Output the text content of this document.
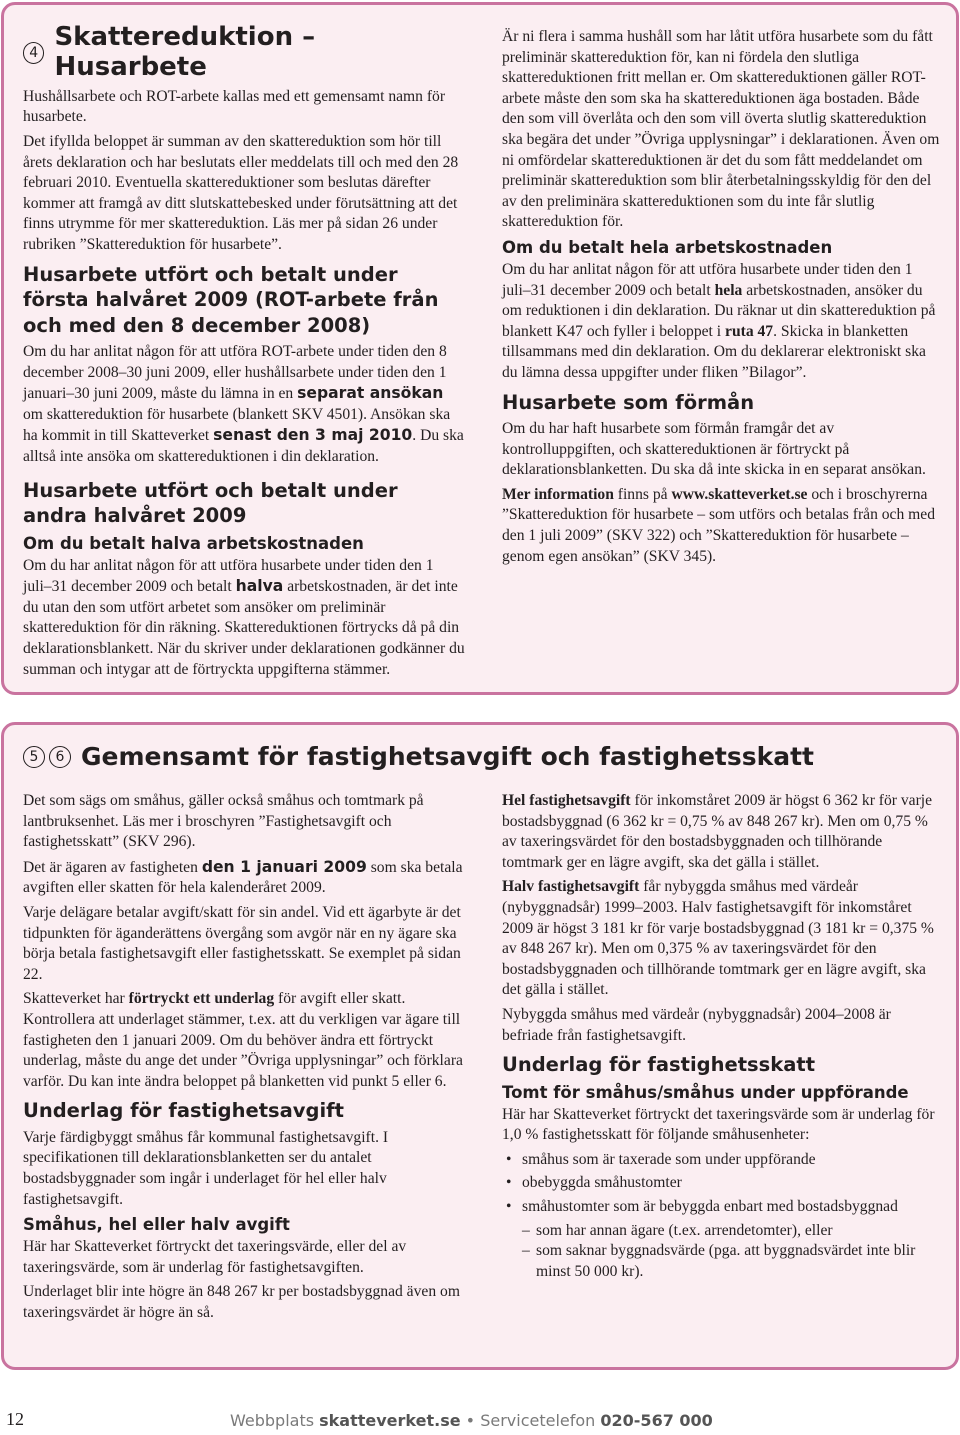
4
Skattereduktion – Husarbete

Hushållsarbete och ROT-arbete kallas med ett gemensamt namn för husarbete.

Det ifyllda beloppet är summan av den skattereduktion som hör till årets deklaration och har beslutats eller meddelats till och med den 28 februari 2010. Eventuella skattereduktioner som beslutas därefter kommer att framgå av ditt slutskattebesked under förutsättning att det finns utrymme för mer skattereduktion. Läs mer på sidan 26 under rubriken ”Skattereduktion för husarbete”.

Husarbete utfört och betalt under första halvåret 2009 (ROT-arbete från och med den 8 december 2008)

Om du har anlitat någon för att utföra ROT-arbete under tiden den 8 december 2008–30 juni 2009, eller hushållsarbete under tiden den 1 januari–30 juni 2009, måste du lämna in en separat ansökan om skattereduktion för husarbete (blankett SKV 4501). Ansökan ska ha kommit in till Skatteverket senast den 3 maj 2010. Du ska alltså inte ansöka om skattereduktionen i din deklaration.

Husarbete utfört och betalt under andra halvåret 2009
Om du betalt halva arbetskostnaden

Om du har anlitat någon för att utföra husarbete under tiden den 1 juli–31 december 2009 och betalt halva arbetskostnaden, är det inte du utan den som utfört arbetet som ansöker om preliminär skattereduktion för din räkning. Skattereduktionen förtrycks då på din deklarationsblankett. När du skriver under deklarationen godkänner du summan och intygar att de förtryckta uppgifterna stämmer.

Är ni flera i samma hushåll som har låtit utföra husarbete som du fått preliminär skattereduktion för, kan ni fördela den slutliga skattereduktionen fritt mellan er. Om skattereduktionen gäller ROT-arbete måste den som ska ha skattereduktionen äga bostaden. Både den som vill överlåta och den som vill överta slutlig skattereduktion ska begära det under ”Övriga upplysningar” i deklarationen. Även om ni omfördelar skattereduktionen är det du som fått meddelandet om preliminär skattereduktion som blir återbetalningsskyldig för den del av den preliminära skattereduktionen som du inte får slutlig skattereduktion för.

Om du betalt hela arbetskostnaden

Om du har anlitat någon för att utföra husarbete under tiden den 1 juli–31 december 2009 och betalt hela arbetskostnaden, ansöker du om reduktionen i din deklaration. Du räknar ut din skattereduktion på blankett K47 och fyller i beloppet i ruta 47. Skicka in blanketten tillsammans med din deklaration. Om du deklarerar elektroniskt ska du lämna dessa uppgifter under fliken ”Bilagor”.

Husarbete som förmån

Om du har haft husarbete som förmån framgår det av kontrolluppgiften, och skattereduktionen är förtryckt på deklarationsblanketten. Du ska då inte skicka in en separat ansökan.

Mer information finns på www.skatteverket.se och i broschyrerna ”Skattereduktion för husarbete – som utförs och betalas från och med den 1 juli 2009” (SKV 322) och ”Skattereduktion för husarbete – genom egen ansökan” (SKV 345).

5	6 Gemensamt för fastighetsavgift och fastighetsskatt

Det som sägs om småhus, gäller också småhus och tomtmark på lantbruksenhet. Läs mer i broschyren ”Fastighetsavgift och fastighetsskatt” (SKV 296).

Det är ägaren av fastigheten den 1 januari 2009 som ska betala avgiften eller skatten för hela kalenderåret 2009.

Varje delägare betalar avgift/skatt för sin andel. Vid ett ägarbyte är det tidpunkten för äganderättens övergång som avgör när en ny ägare ska börja betala fastighetsavgift eller fastighetsskatt. Se exemplet på sidan 22.

Skatteverket har förtryckt ett underlag för avgift eller skatt. Kontrollera att underlaget stämmer, t.ex. att du verkligen var ägare till fastigheten den 1 januari 2009. Om du behöver ändra ett förtryckt underlag, måste du ange det under ”Övriga upplysningar” och förklara varför. Du kan inte ändra beloppet på blanketten vid punkt 5 eller 6.

Underlag för fastighetsavgift

Varje färdigbyggt småhus får kommunal fastighetsavgift. I specifikationen till deklarationsblanketten ser du antalet bostadsbyggnader som ingår i underlaget för hel eller halv fastighetsavgift.

Småhus, hel eller halv avgift

Här har Skatteverket förtryckt det taxeringsvärde, eller del av taxeringsvärde, som är underlag för fastighetsavgiften.

Underlaget blir inte högre än 848 267 kr per bostadsbyggnad även om taxeringsvärdet är högre än så.

Hel fastighetsavgift för inkomståret 2009 är högst 6 362 kr för varje bostadsbyggnad (6 362 kr = 0,75 % av 848 267 kr). Men om 0,75 % av taxeringsvärdet för den bostadsbyggnaden och tillhörande tomtmark ger en lägre avgift, ska det gälla i stället.

Halv fastighetsavgift får nybyggda småhus med värdeår (nybyggnadsår) 1999–2003. Halv fastighetsavgift för inkomståret 2009 är högst 3 181 kr för varje bostadsbyggnad (3 181 kr = 0,375 % av 848 267 kr). Men om 0,375 % av taxeringsvärdet för den bostadsbyggnaden och tillhörande tomtmark ger en lägre avgift, ska det gälla i stället.

Nybyggda småhus med värdeår (nybyggnadsår) 2004–2008 är befriade från fastighetsavgift.

Underlag för fastighetsskatt
Tomt för småhus/småhus under uppförande

Här har Skatteverket förtryckt det taxeringsvärde som är underlag för 1,0 % fastighetsskatt för följande småhusenheter:

• småhus som är taxerade som under uppförande
• obebyggda småhustomter
• småhustomter som är bebyggda enbart med bostadsbyggnad
– som har annan ägare (t.ex. arrendetomter), eller
– som saknar byggnadsvärde (pga. att byggnadsvärdet inte blir minst 50 000 kr).
12	Webbplats skatteverket.se • Servicetelefon 020-567 000
